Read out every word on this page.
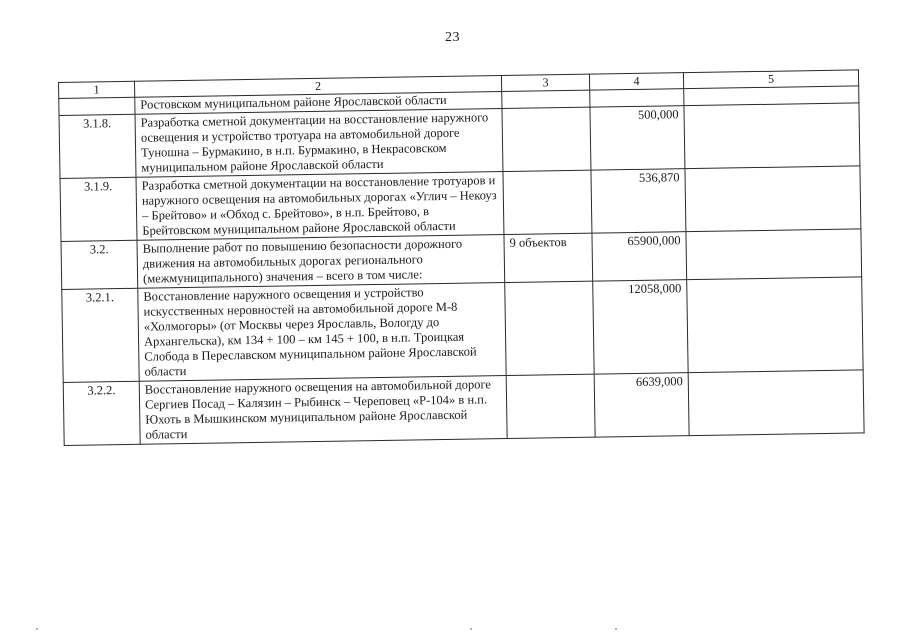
23
1	2	3	4	5
	Ростовском муниципальном районе Ярославской области			
3.1.8.	Разработка сметной документации на восстановление наружного освещения и устройство тротуара на автомобильной дороге Туношна – Бурмакино, в н.п. Бурмакино, в Некрасовском муниципальном районе Ярославской области		500,000	
3.1.9.	Разработка сметной документации на восстановление тротуаров и наружного освещения на автомобильных дорогах «Углич – Некоуз – Брейтово» и «Обход с. Брейтово», в н.п. Брейтово, в Брейтовском муниципальном районе Ярославской области		536,870	
3.2.	Выполнение работ по повышению безопасности дорожного движения на автомобильных дорогах регионального (межмуниципального) значения – всего в том числе:	9 объектов	65900,000	
3.2.1.	Восстановление наружного освещения и устройство искусственных неровностей на автомобильной дороге М-8 «Холмогоры» (от Москвы через Ярославль, Вологду до Архангельска), км 134 + 100 – км 145 + 100, в н.п. Троицкая Слобода в Переславском муниципальном районе Ярославской области		12058,000	
3.2.2.	Восстановление наружного освещения на автомобильной дороге Сергиев Посад – Калязин – Рыбинск – Череповец «Р-104» в н.п. Юхоть в Мышкинском муниципальном районе Ярославской области		6639,000	
